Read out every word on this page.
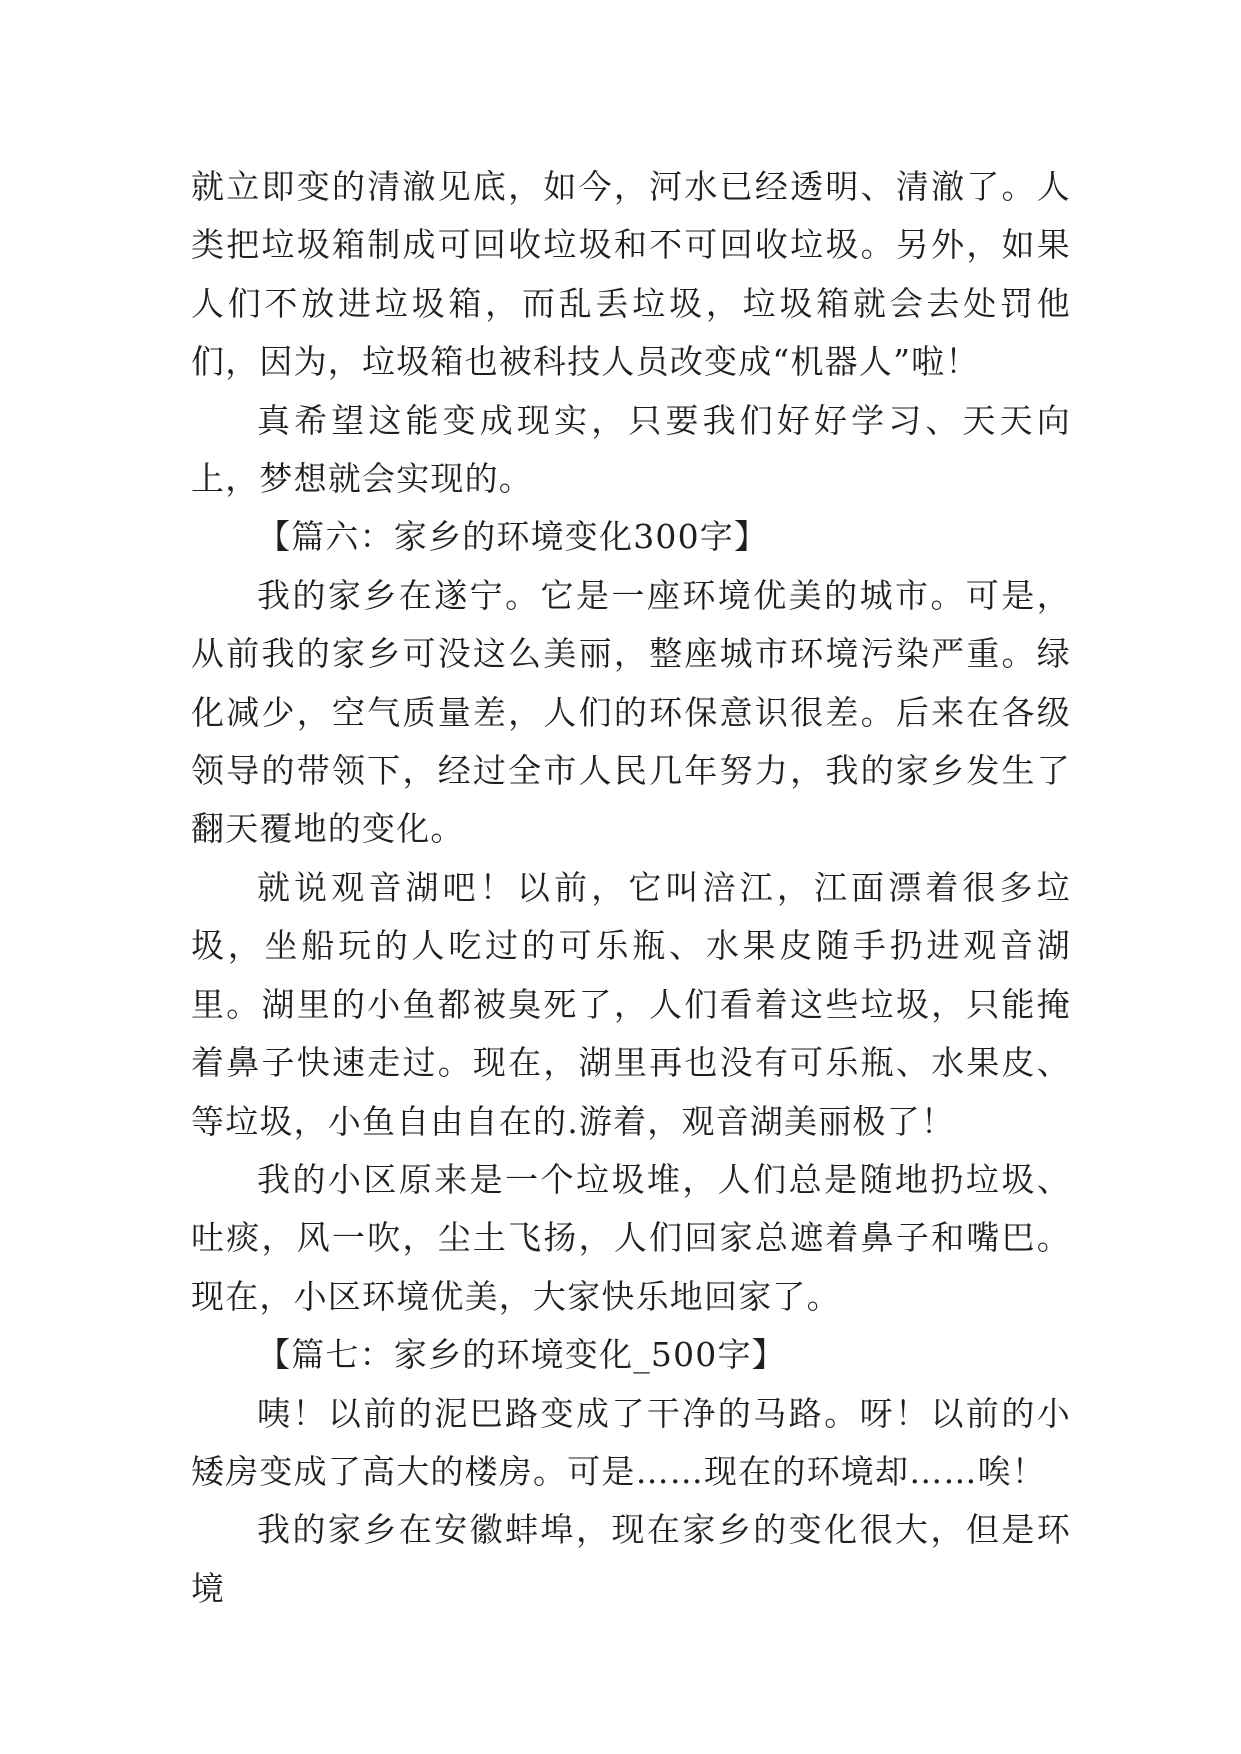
就立即变的清澈见底，如今，河水已经透明、清澈了。人类把垃圾箱制成可回收垃圾和不可回收垃圾。另外，如果人们不放进垃圾箱，而乱丢垃圾，垃圾箱就会去处罚他们，因为，垃圾箱也被科技人员改变成“机器人”啦！

真希望这能变成现实，只要我们好好学习、天天向上，梦想就会实现的。

【篇六：家乡的环境变化300字】

我的家乡在遂宁。它是一座环境优美的城市。可是，从前我的家乡可没这么美丽，整座城市环境污染严重。绿化减少，空气质量差，人们的环保意识很差。后来在各级领导的带领下，经过全市人民几年努力，我的家乡发生了翻天覆地的变化。

就说观音湖吧！以前，它叫涪江，江面漂着很多垃圾，坐船玩的人吃过的可乐瓶、水果皮随手扔进观音湖里。湖里的小鱼都被臭死了，人们看着这些垃圾，只能掩着鼻子快速走过。现在，湖里再也没有可乐瓶、水果皮、等垃圾，小鱼自由自在的.游着，观音湖美丽极了！

我的小区原来是一个垃圾堆，人们总是随地扔垃圾、吐痰，风一吹，尘土飞扬，人们回家总遮着鼻子和嘴巴。现在，小区环境优美，大家快乐地回家了。

【篇七：家乡的环境变化_500字】

咦！以前的泥巴路变成了干净的马路。呀！以前的小矮房变成了高大的楼房。可是……现在的环境却……唉！

我的家乡在安徽蚌埠，现在家乡的变化很大，但是环境
